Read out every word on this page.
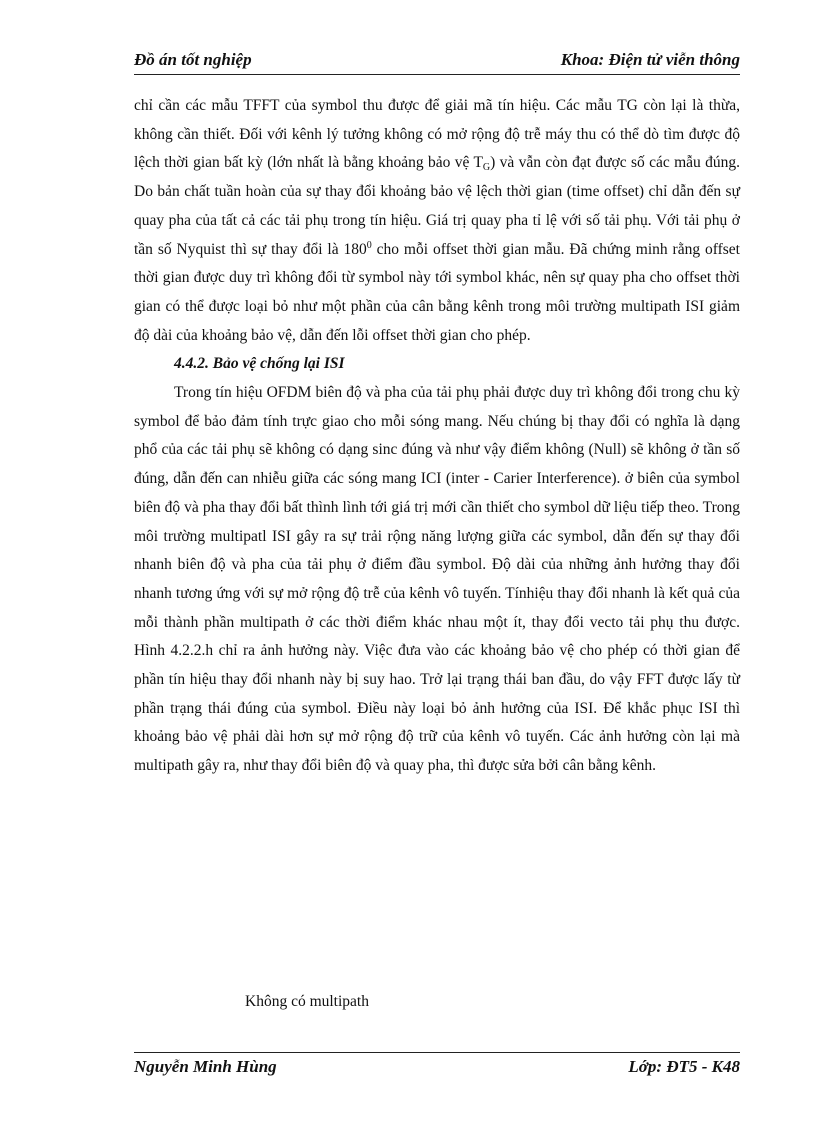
Đồ án tốt nghiệp	Khoa: Điện tử viễn thông

chỉ cần các mẫu TFFT của symbol thu được để giải mã tín hiệu. Các mẫu TG còn lại là thừa, không cần thiết. Đối với kênh lý tưởng không có mở rộng độ trễ máy thu có thể dò tìm được độ lệch thời gian bất kỳ (lớn nhất là bằng khoảng bảo vệ $T_G$) và vẫn còn đạt được số các mẫu đúng. Do bản chất tuần hoàn của sự thay đổi khoảng bảo vệ lệch thời gian (time offset) chỉ dẫn đến sự quay pha của tất cả các tải phụ trong tín hiệu. Giá trị quay pha tỉ lệ với số tải phụ. Với tải phụ ở tần số Nyquist thì sự thay đổi là $180^0$ cho mỗi offset thời gian mẫu. Đã chứng minh rằng offset thời gian được duy trì không đổi từ symbol này tới symbol khác, nên sự quay pha cho offset thời gian có thể được loại bỏ như một phần của cân bằng kênh trong môi trường multipath ISI giảm độ dài của khoảng bảo vệ, dẫn đến lỗi offset thời gian cho phép.

4.4.2. Bảo vệ chống lại ISI

Trong tín hiệu OFDM biên độ và pha của tải phụ phải được duy trì không đổi trong chu kỳ symbol để bảo đảm tính trực giao cho mỗi sóng mang. Nếu chúng bị thay đổi có nghĩa là dạng phổ của các tải phụ sẽ không có dạng sinc đúng và như vậy điểm không (Null) sẽ không ở tần số đúng, dẫn đến can nhiễu giữa các sóng mang ICI (inter - Carier Interference). ở biên của symbol biên độ và pha thay đổi bất thình lình tới giá trị mới cần thiết cho symbol dữ liệu tiếp theo. Trong môi trường multipatl ISI gây ra sự trải rộng năng lượng giữa các symbol, dẫn đến sự thay đổi nhanh biên độ và pha của tải phụ ở điểm đầu symbol. Độ dài của những ảnh hưởng thay đổi nhanh tương ứng với sự mở rộng độ trễ của kênh vô tuyến. Tínhiệu thay đổi nhanh là kết quả của mỗi thành phần multipath ở các thời điểm khác nhau một ít, thay đổi vecto tải phụ thu được. Hình 4.2.2.h chỉ ra ảnh hưởng này. Việc đưa vào các khoảng bảo vệ cho phép có thời gian để phần tín hiệu thay đổi nhanh này bị suy hao. Trở lại trạng thái ban đầu, do vậy FFT được lấy từ phần trạng thái đúng của symbol. Điều này loại bỏ ảnh hưởng của ISI. Để khắc phục ISI thì khoảng bảo vệ phải dài hơn sự mở rộng độ trữ của kênh vô tuyến. Các ảnh hưởng còn lại mà multipath gây ra, như thay đổi biên độ và quay pha, thì được sửa bởi cân bằng kênh.

Không có multipath
Nguyễn Minh Hùng	Lớp: ĐT5 - K48
